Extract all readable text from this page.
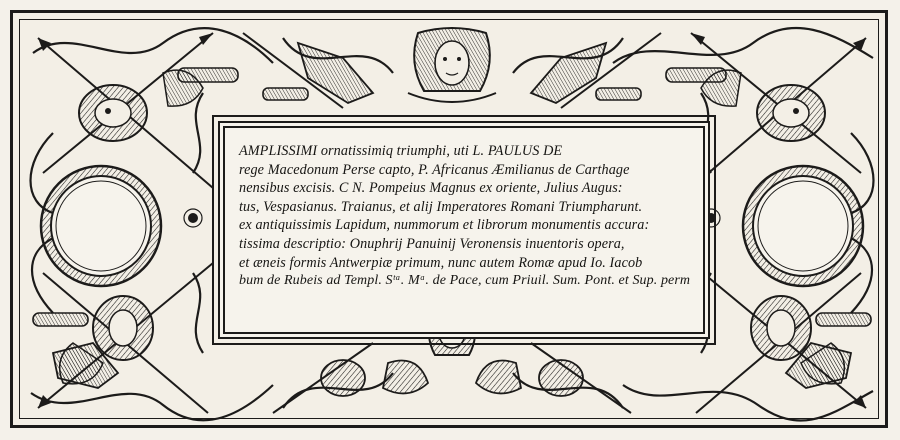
AMPLISSIMI ornatissimiq triumphi, uti L. PAULUS DE
rege Macedonum Perse capto, P. Africanus Æmilianus de Carthage
nensibus excisis. C N. Pompeius Magnus ex oriente, Julius Augus:
tus, Vespasianus. Traianus, et alij Imperatores Romani Triumpharunt.
ex antiquissimis Lapidum, nummorum et librorum monumentis accura:
tissima descriptio: Onuphrij Panuinij Veronensis inuentoris opera,
et æneis formis Antwerpiæ primum, nunc autem Romæ apud Io. Iacob
bum de Rubeis ad Templ. Sᵗᵃ. Mᵃ. de Pace, cum Priuil. Sum. Pont. et Sup. perm
